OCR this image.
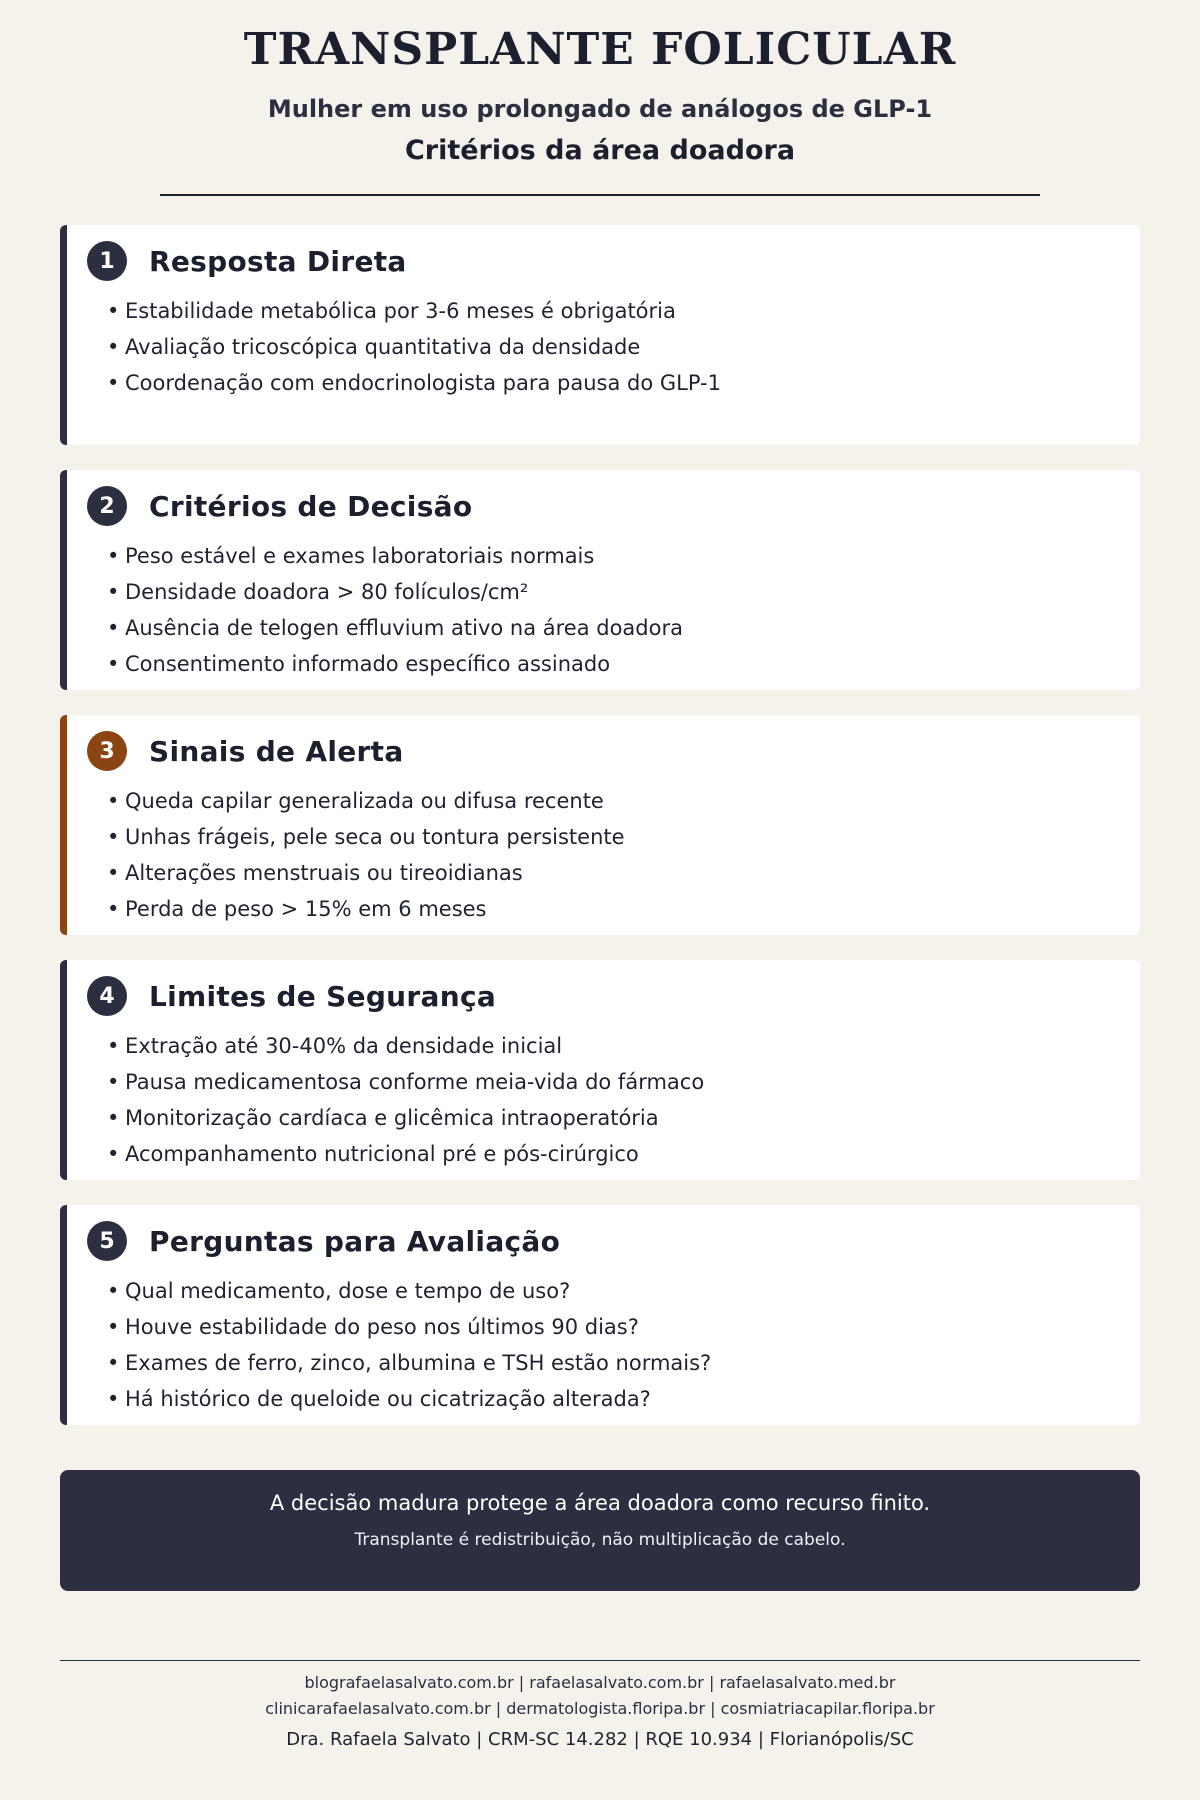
TRANSPLANTE FOLICULAR
Mulher em uso prolongado de análogos de GLP-1
Critérios da área doadora
1	Resposta Direta
• Estabilidade metabólica por 3-6 meses é obrigatória
• Avaliação tricoscópica quantitativa da densidade
• Coordenação com endocrinologista para pausa do GLP-1
2	Critérios de Decisão
• Peso estável e exames laboratoriais normais
• Densidade doadora > 80 folículos/cm²
• Ausência de telogen effluvium ativo na área doadora
• Consentimento informado específico assinado
3	Sinais de Alerta
• Queda capilar generalizada ou difusa recente
• Unhas frágeis, pele seca ou tontura persistente
• Alterações menstruais ou tireoidianas
• Perda de peso > 15% em 6 meses
4	Limites de Segurança
• Extração até 30-40% da densidade inicial
• Pausa medicamentosa conforme meia-vida do fármaco
• Monitorização cardíaca e glicêmica intraoperatória
• Acompanhamento nutricional pré e pós-cirúrgico
5	Perguntas para Avaliação
• Qual medicamento, dose e tempo de uso?
• Houve estabilidade do peso nos últimos 90 dias?
• Exames de ferro, zinco, albumina e TSH estão normais?
• Há histórico de queloide ou cicatrização alterada?
A decisão madura protege a área doadora como recurso finito.
Transplante é redistribuição, não multiplicação de cabelo.
blografaelasalvato.com.br | rafaelasalvato.com.br | rafaelasalvato.med.br
clinicarafaelasalvato.com.br | dermatologista.floripa.br | cosmiatriacapilar.floripa.br
Dra. Rafaela Salvato | CRM-SC 14.282 | RQE 10.934 | Florianópolis/SC
